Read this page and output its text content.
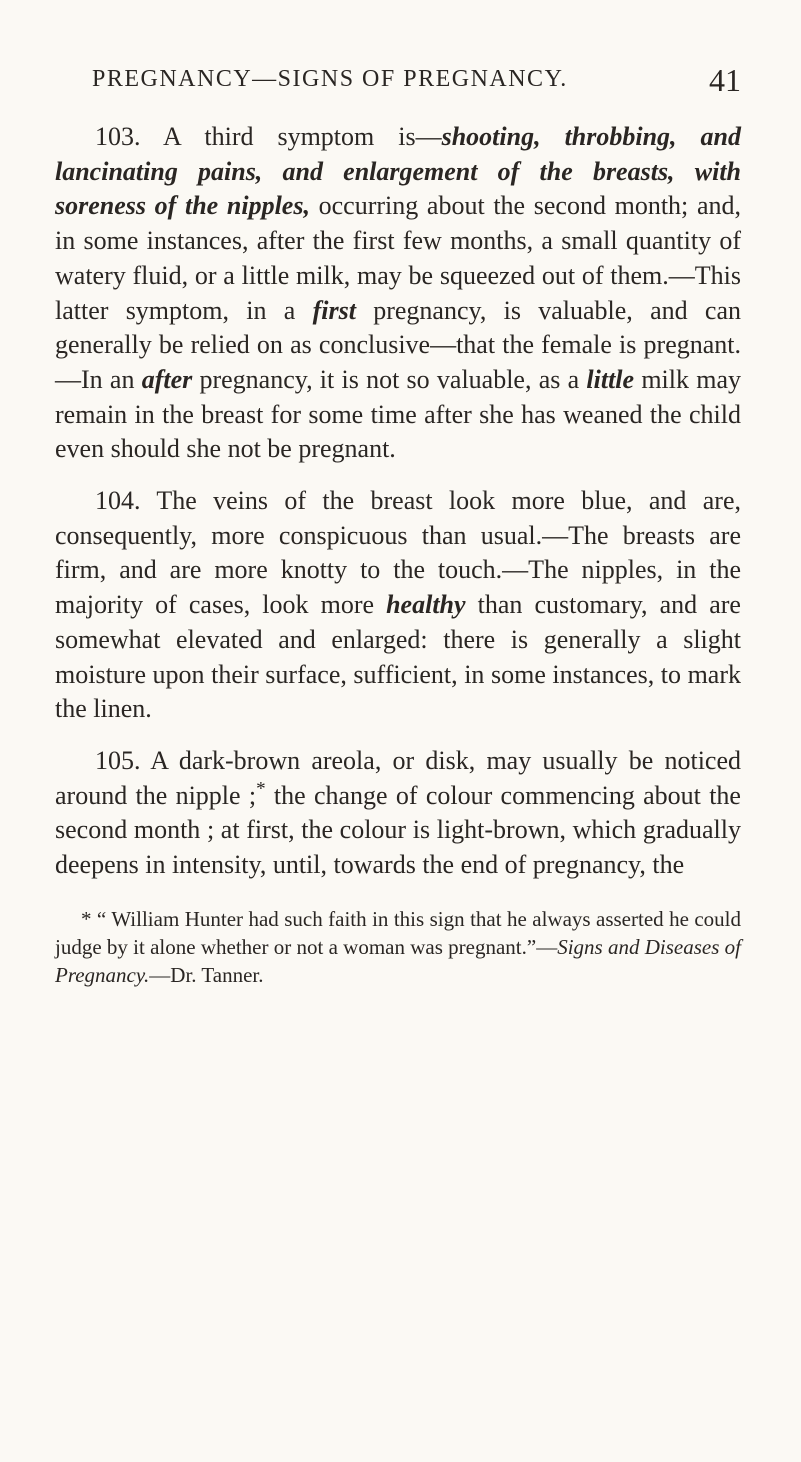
PREGNANCY—SIGNS OF PREGNANCY.	41

103. A third symptom is—shooting, throbbing, and lancinating pains, and enlargement of the breasts, with soreness of the nipples, occurring about the second month; and, in some instances, after the first few months, a small quantity of watery fluid, or a little milk, may be squeezed out of them.—This latter symptom, in a first pregnancy, is valuable, and can generally be relied on as conclusive—that the female is pregnant.—In an after pregnancy, it is not so valuable, as a little milk may remain in the breast for some time after she has weaned the child even should she not be pregnant.

104. The veins of the breast look more blue, and are, consequently, more conspicuous than usual.—The breasts are firm, and are more knotty to the touch.—The nipples, in the majority of cases, look more healthy than customary, and are somewhat elevated and enlarged: there is generally a slight moisture upon their surface, sufficient, in some instances, to mark the linen.

105. A dark-brown areola, or disk, may usually be noticed around the nipple ;* the change of colour commencing about the second month ; at first, the colour is light-brown, which gradually deepens in intensity, until, towards the end of pregnancy, the

* “ William Hunter had such faith in this sign that he always asserted he could judge by it alone whether or not a woman was pregnant.”—Signs and Diseases of Pregnancy.—Dr. Tanner.
